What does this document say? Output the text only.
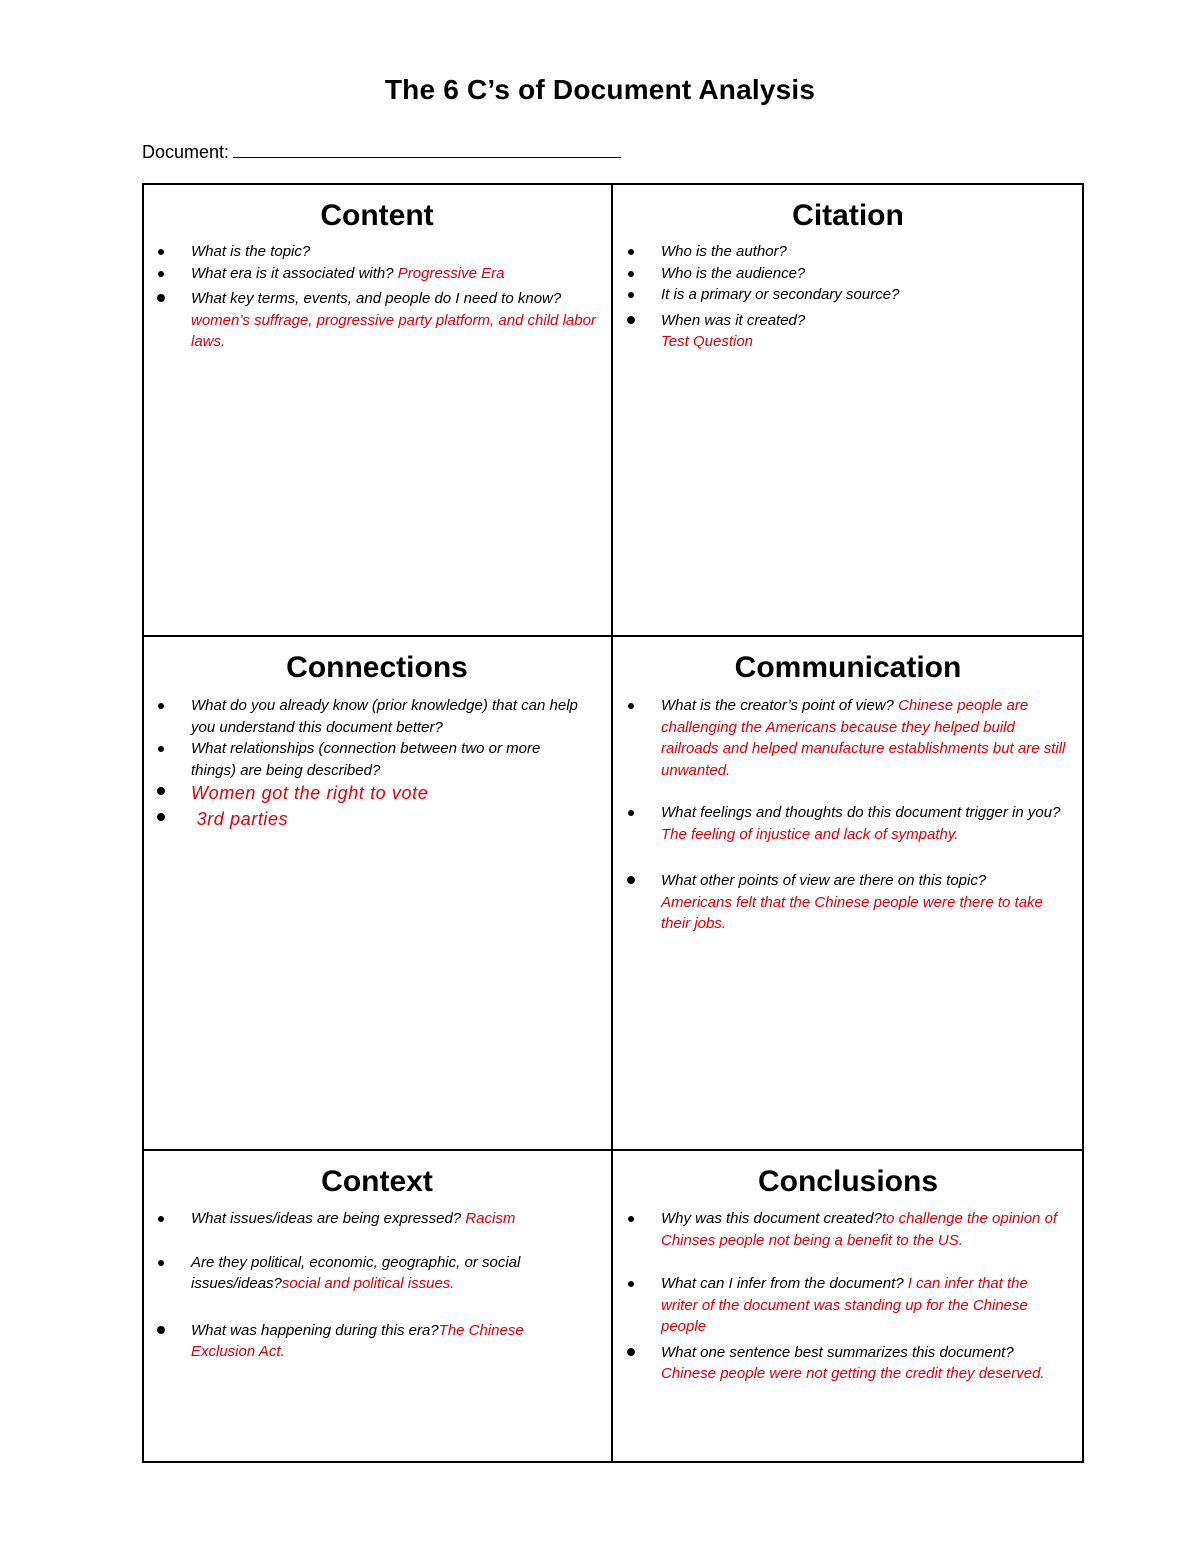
The 6 C’s of Document Analysis
Document:
Content
What is the topic?
What era is it associated with? Progressive Era
What key terms, events, and people do I need to know?
women’s suffrage, progressive party platform, and child labor laws.
Citation
Who is the author?
Who is the audience?
It is a primary or secondary source?
When was it created?
Test Question
Connections
What do you already know (prior knowledge) that can help you understand this document better?
What relationships (connection between two or more things) are being described?
Women got the right to vote
3rd parties
Communication
What is the creator’s point of view? Chinese people are challenging the Americans because they helped build railroads and helped manufacture establishments but are still unwanted.
What feelings and thoughts do this document trigger in you? The feeling of injustice and lack of sympathy.
What other points of view are there on this topic?
Americans felt that the Chinese people were there to take their jobs.
Context
What issues/ideas are being expressed? Racism
Are they political, economic, geographic, or social issues/ideas?social and political issues.
What was happening during this era?The Chinese Exclusion Act.
Conclusions
Why was this document created?to challenge the opinion of Chinses people not being a benefit to the US.
What can I infer from the document? I can infer that the writer of the document was standing up for the Chinese people
What one sentence best summarizes this document?
Chinese people were not getting the credit they deserved.
